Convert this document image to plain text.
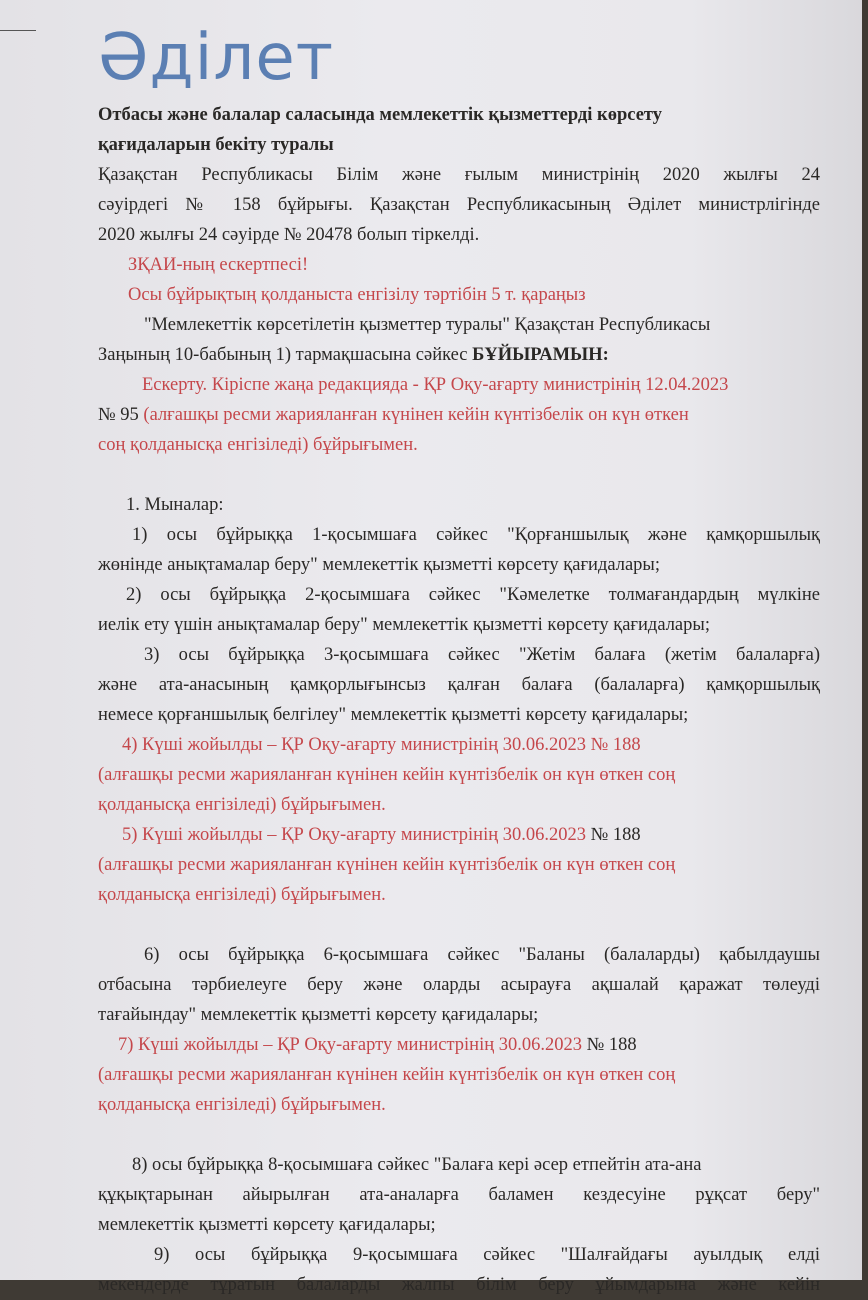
Әділет
Отбасы және балалар саласында мемлекеттік қызметтерді көрсету
қағидаларын бекіту туралы
Қазақстан Республикасы Білім және ғылым министрінің 2020 жылғы 24
сәуірдегі № 158 бұйрығы. Қазақстан Республикасының Әділет министрлігінде
2020 жылғы 24 сәуірде № 20478 болып тіркелді.
ЗҚАИ-ның ескертпесі!
Осы бұйрықтың қолданыста енгізілу тәртібін 5 т. қараңыз
"Мемлекеттік көрсетілетін қызметтер туралы" Қазақстан Республикасы
Заңының 10-бабының 1) тармақшасына сәйкес БҰЙЫРАМЫН:
Ескерту. Кіріспе жаңа редакцияда - ҚР Оқу-ағарту министрінің 12.04.2023
№ 95 (алғашқы ресми жарияланған күнінен кейін күнтізбелік он күн өткен
соң қолданысқа енгізіледі) бұйрығымен.
1. Мыналар:
1) осы бұйрыққа 1-қосымшаға сәйкес "Қорғаншылық және қамқоршылық
жөнінде анықтамалар беру" мемлекеттік қызметті көрсету қағидалары;
2) осы бұйрыққа 2-қосымшаға сәйкес "Кәмелетке толмағандардың мүлкіне
иелік ету үшін анықтамалар беру" мемлекеттік қызметті көрсету қағидалары;
3) осы бұйрыққа 3-қосымшаға сәйкес "Жетім балаға (жетім балаларға)
және ата-анасының қамқорлығынсыз қалған балаға (балаларға) қамқоршылық
немесе қорғаншылық белгілеу" мемлекеттік қызметті көрсету қағидалары;
4) Күші жойылды – ҚР Оқу-ағарту министрінің 30.06.2023 № 188
(алғашқы ресми жарияланған күнінен кейін күнтізбелік он күн өткен соң
қолданысқа енгізіледі) бұйрығымен.
5) Күші жойылды – ҚР Оқу-ағарту министрінің 30.06.2023 № 188
(алғашқы ресми жарияланған күнінен кейін күнтізбелік он күн өткен соң
қолданысқа енгізіледі) бұйрығымен.
6) осы бұйрыққа 6-қосымшаға сәйкес "Баланы (балаларды) қабылдаушы
отбасына тәрбиелеуге беру және оларды асырауға ақшалай қаражат төлеуді
тағайындау" мемлекеттік қызметті көрсету қағидалары;
7) Күші жойылды – ҚР Оқу-ағарту министрінің 30.06.2023 № 188
(алғашқы ресми жарияланған күнінен кейін күнтізбелік он күн өткен соң
қолданысқа енгізіледі) бұйрығымен.
8) осы бұйрыққа 8-қосымшаға сәйкес "Балаға кері әсер етпейтін ата-ана
құқықтарынан айырылған ата-аналарға баламен кездесуіне рұқсат беру"
мемлекеттік қызметті көрсету қағидалары;
9) осы бұйрыққа 9-қосымшаға сәйкес "Шалғайдағы ауылдық елді
мекендерде тұратын балаларды жалпы білім беру ұйымдарына және кейін
